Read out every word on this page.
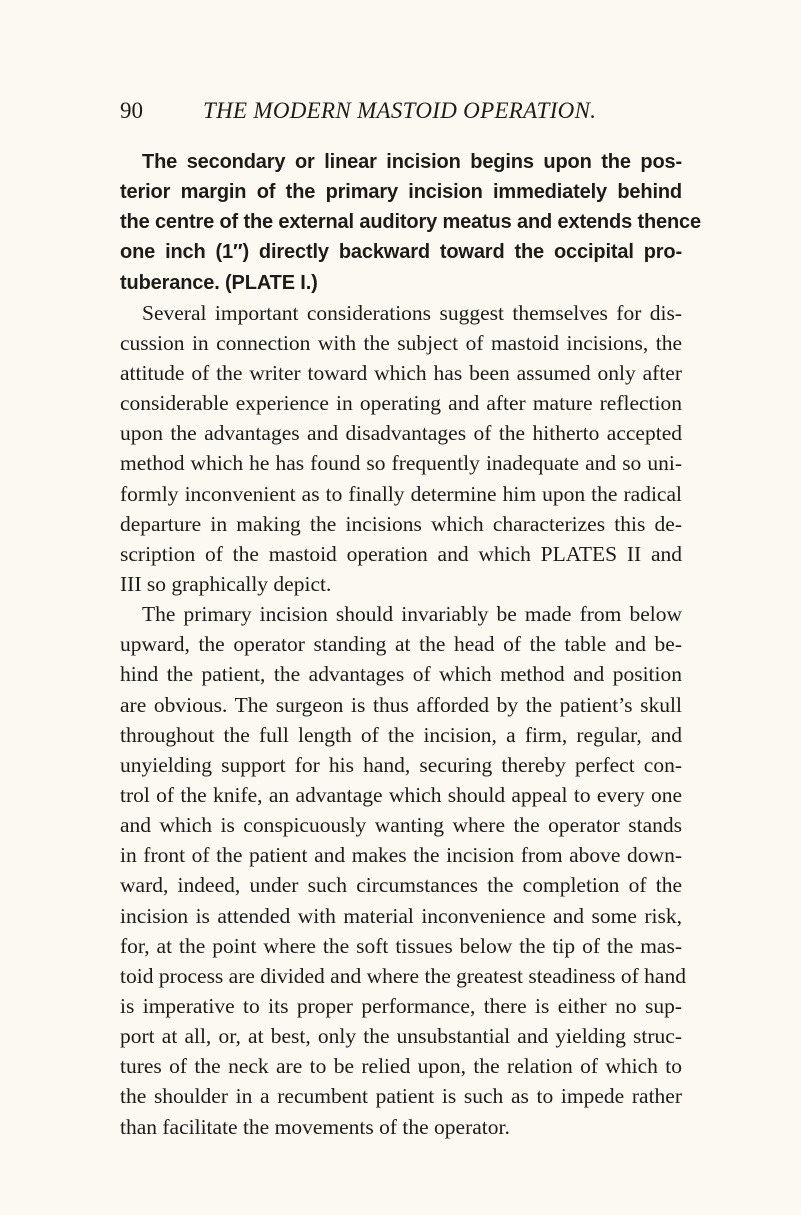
90	THE MODERN MASTOID OPERATION.
The secondary or linear incision begins upon the pos-
terior margin of the primary incision immediately behind
the centre of the external auditory meatus and extends thence
one inch (1″) directly backward toward the occipital pro-
tuberance. (PLATE I.)
Several important considerations suggest themselves for dis-
cussion in connection with the subject of mastoid incisions, the
attitude of the writer toward which has been assumed only after
considerable experience in operating and after mature reflection
upon the advantages and disadvantages of the hitherto accepted
method which he has found so frequently inadequate and so uni-
formly inconvenient as to finally determine him upon the radical
departure in making the incisions which characterizes this de-
scription of the mastoid operation and which PLATES II and
III so graphically depict.
The primary incision should invariably be made from below
upward, the operator standing at the head of the table and be-
hind the patient, the advantages of which method and position
are obvious. The surgeon is thus afforded by the patient’s skull
throughout the full length of the incision, a firm, regular, and
unyielding support for his hand, securing thereby perfect con-
trol of the knife, an advantage which should appeal to every one
and which is conspicuously wanting where the operator stands
in front of the patient and makes the incision from above down-
ward, indeed, under such circumstances the completion of the
incision is attended with material inconvenience and some risk,
for, at the point where the soft tissues below the tip of the mas-
toid process are divided and where the greatest steadiness of hand
is imperative to its proper performance, there is either no sup-
port at all, or, at best, only the unsubstantial and yielding struc-
tures of the neck are to be relied upon, the relation of which to
the shoulder in a recumbent patient is such as to impede rather
than facilitate the movements of the operator.
